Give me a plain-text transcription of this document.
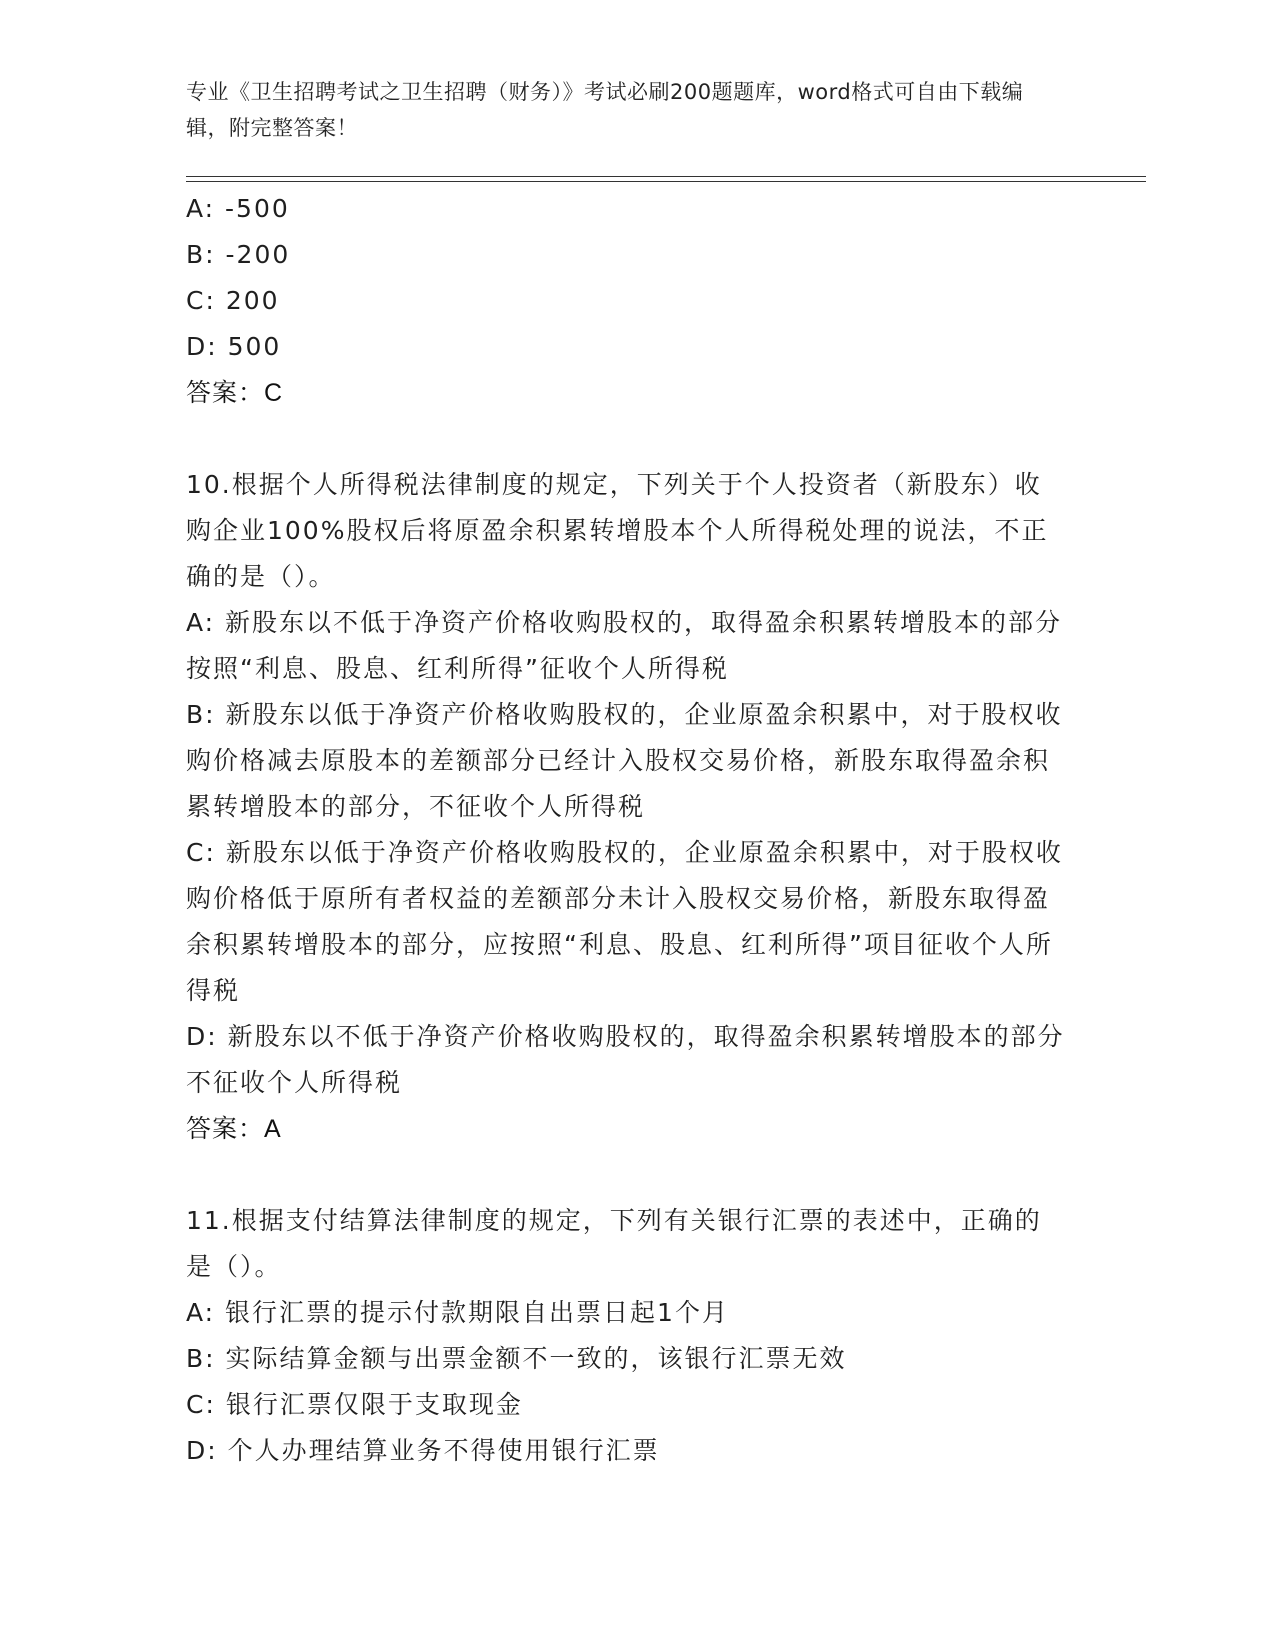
专业《卫生招聘考试之卫生招聘（财务）》考试必刷200题题库，word格式可自由下载编辑，附完整答案！
A: -500
B: -200
C: 200
D: 500
答案：C
10.根据个人所得税法律制度的规定，下列关于个人投资者（新股东）收购企业100%股权后将原盈余积累转增股本个人所得税处理的说法，不正确的是（）。
A: 新股东以不低于净资产价格收购股权的，取得盈余积累转增股本的部分按照“利息、股息、红利所得”征收个人所得税
B: 新股东以低于净资产价格收购股权的，企业原盈余积累中，对于股权收购价格减去原股本的差额部分已经计入股权交易价格，新股东取得盈余积累转增股本的部分，不征收个人所得税
C: 新股东以低于净资产价格收购股权的，企业原盈余积累中，对于股权收购价格低于原所有者权益的差额部分未计入股权交易价格，新股东取得盈余积累转增股本的部分，应按照“利息、股息、红利所得”项目征收个人所得税
D: 新股东以不低于净资产价格收购股权的，取得盈余积累转增股本的部分不征收个人所得税
答案：A
11.根据支付结算法律制度的规定，下列有关银行汇票的表述中，正确的是（）。
A: 银行汇票的提示付款期限自出票日起1个月
B: 实际结算金额与出票金额不一致的，该银行汇票无效
C: 银行汇票仅限于支取现金
D: 个人办理结算业务不得使用银行汇票
